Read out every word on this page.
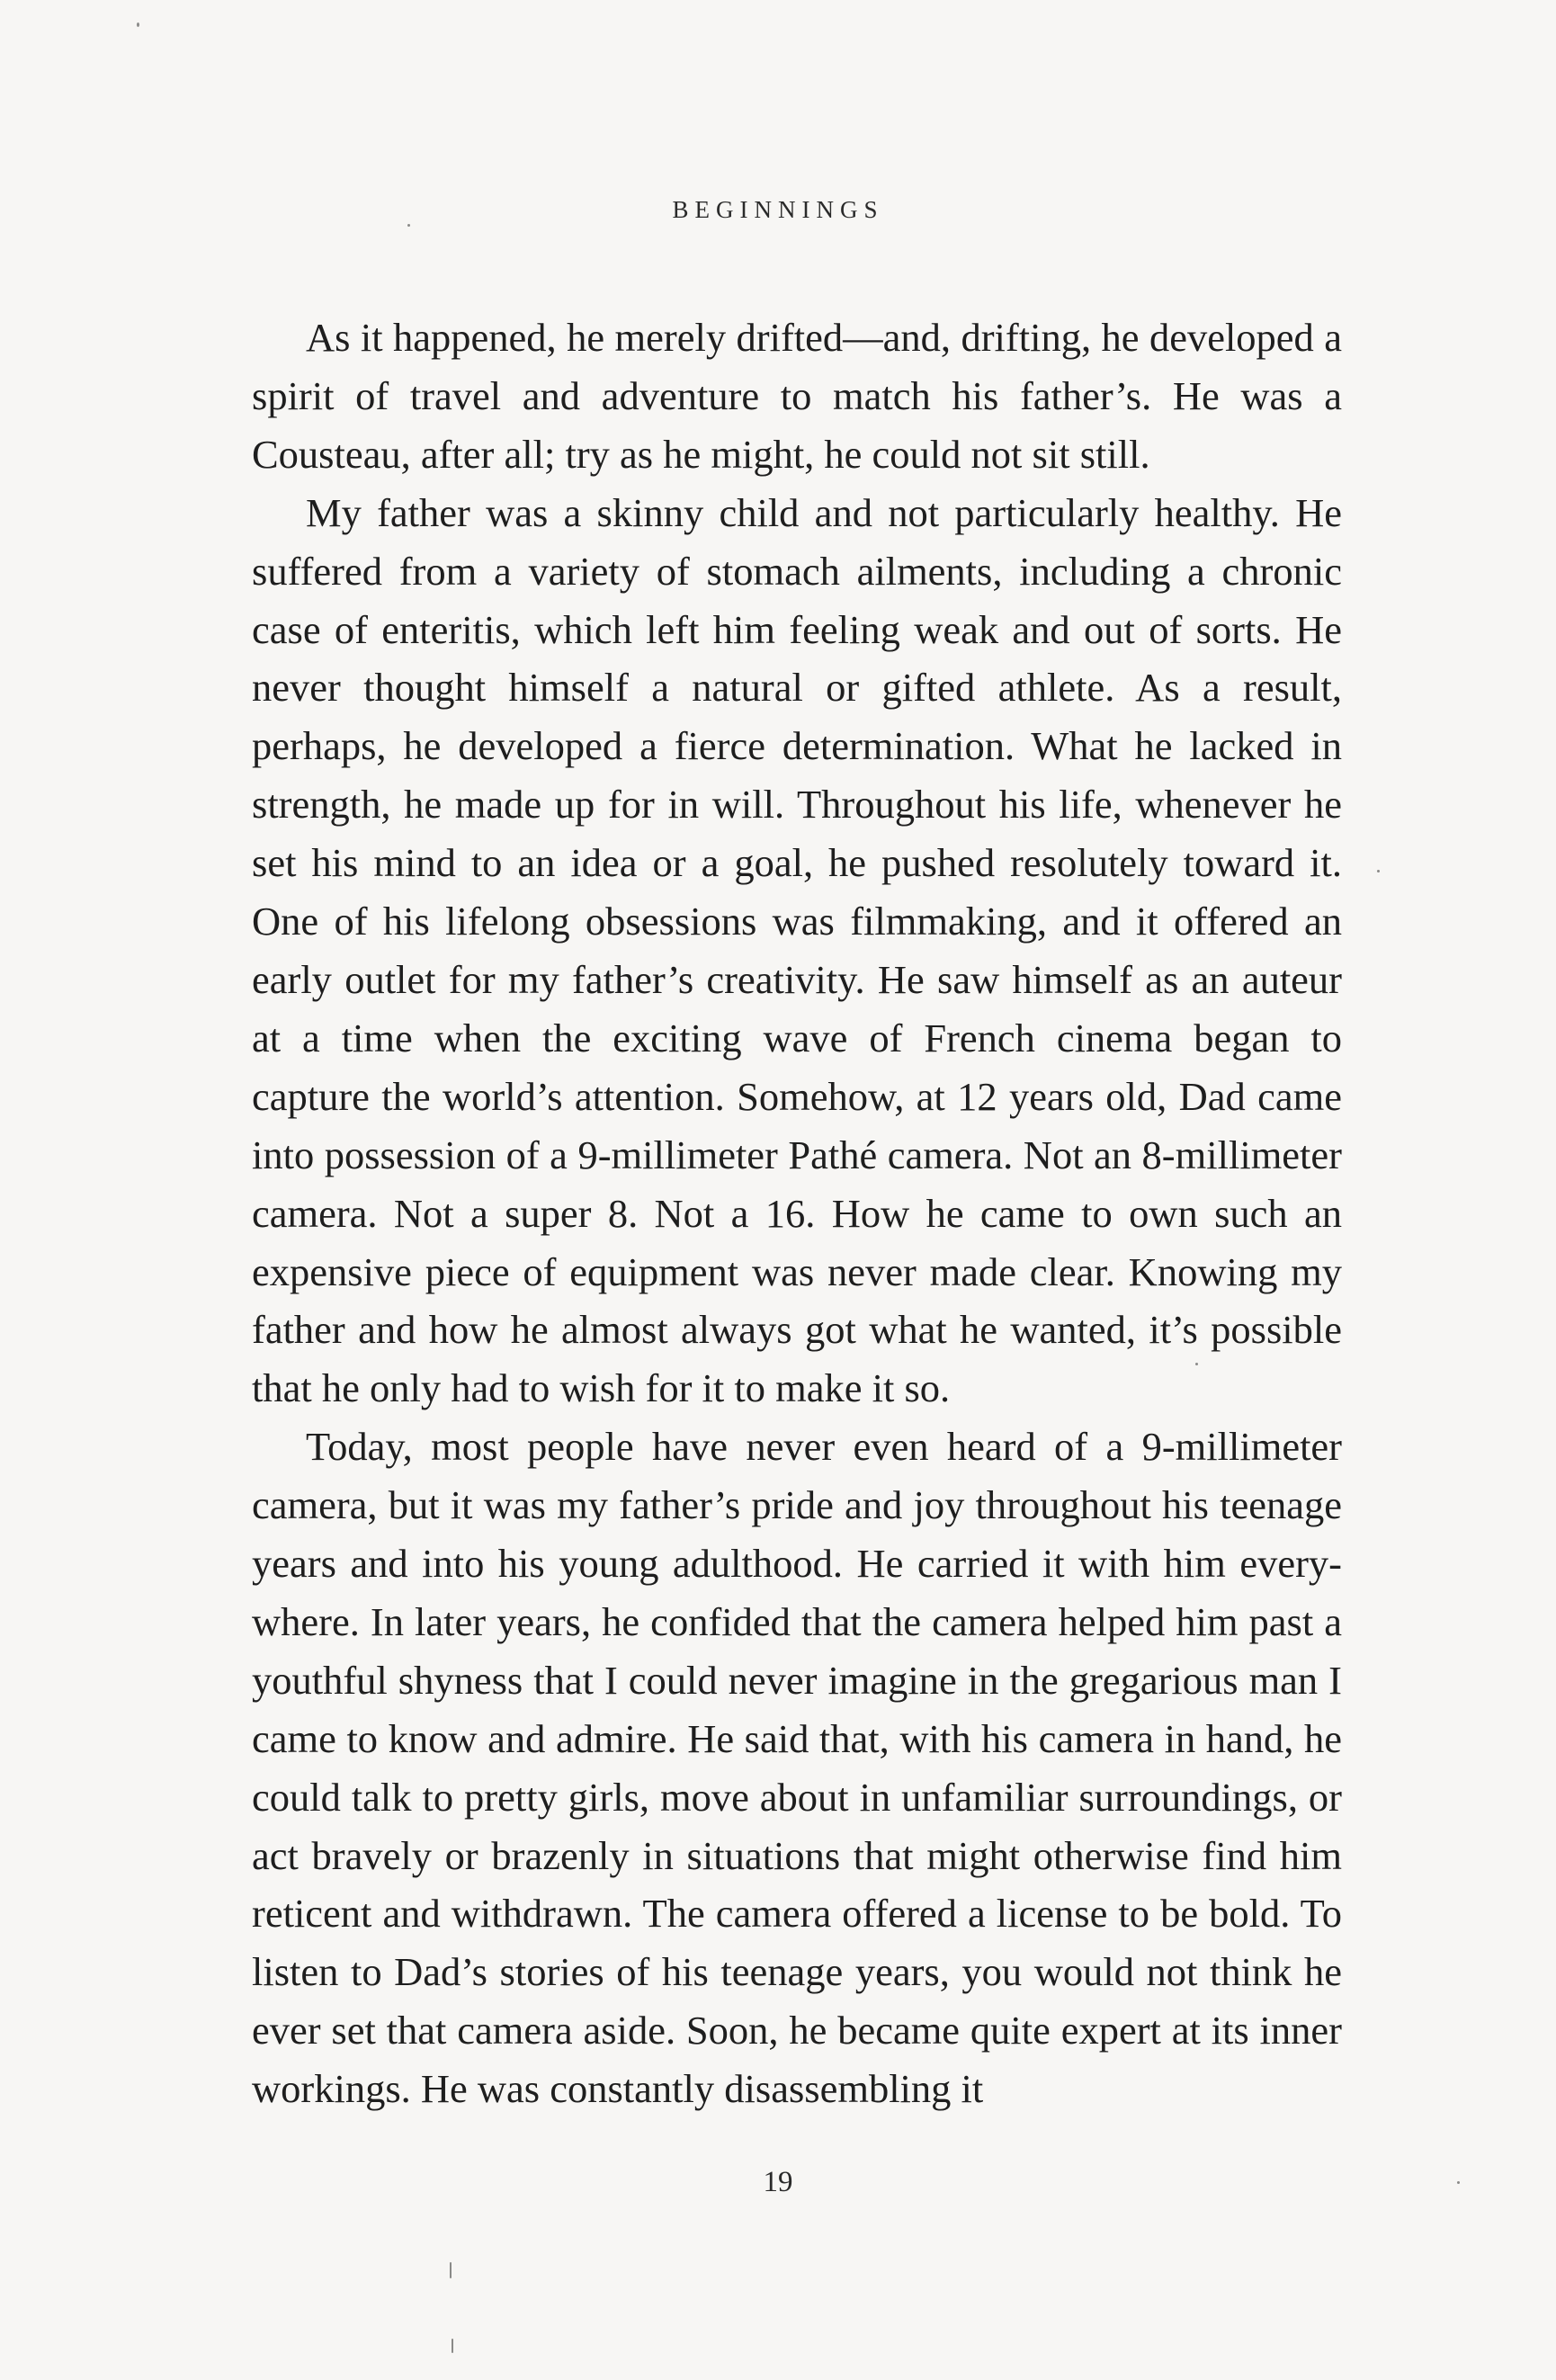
BEGINNINGS

As it happened, he merely drifted—and, drifting, he developed a spirit of travel and adventure to match his father’s. He was a Cousteau, after all; try as he might, he could not sit still.

My father was a skinny child and not particularly healthy. He suffered from a variety of stomach ailments, including a chronic case of enteritis, which left him feeling weak and out of sorts. He never thought himself a natural or gifted athlete. As a result, perhaps, he developed a fierce determination. What he lacked in strength, he made up for in will. Throughout his life, whenever he set his mind to an idea or a goal, he pushed resolutely toward it. One of his lifelong obsessions was filmmaking, and it offered an early outlet for my father’s creativity. He saw himself as an auteur at a time when the exciting wave of French cinema began to capture the world’s attention. Somehow, at 12 years old, Dad came into possession of a 9-millimeter Pathé camera. Not an 8-millimeter camera. Not a super 8. Not a 16. How he came to own such an expensive piece of equipment was never made clear. Knowing my father and how he almost always got what he wanted, it’s possible that he only had to wish for it to make it so.

Today, most people have never even heard of a 9-millimeter camera, but it was my father’s pride and joy throughout his teenage years and into his young adulthood. He carried it with him everywhere. In later years, he confided that the camera helped him past a youthful shyness that I could never imagine in the gregarious man I came to know and admire. He said that, with his camera in hand, he could talk to pretty girls, move about in unfamiliar surroundings, or act bravely or brazenly in situations that might otherwise find him reticent and withdrawn. The camera offered a license to be bold. To listen to Dad’s stories of his teenage years, you would not think he ever set that camera aside. Soon, he became quite expert at its inner workings. He was constantly disassembling it

19
